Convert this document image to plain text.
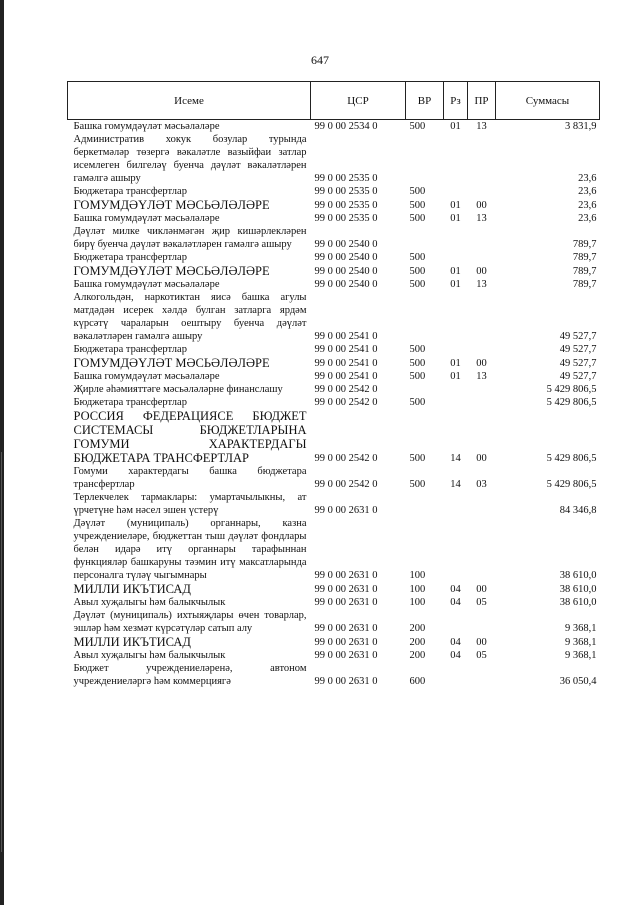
647
Исеме	ЦСР	ВР	Рз	ПР	Суммасы
Башка гомумдәүләт мәсьәләләре	99 0 00 2534 0	500	01	13	3 831,9
Административ хокук бозулар турында беркетмәләр төзергә вәкаләтле вазыйфаи затлар исемлеген билгеләү буенча дәүләт вәкаләтләрен гамәлгә ашыру	99 0 00 2535 0				23,6
Бюджетара трансфертлар	99 0 00 2535 0	500			23,6
ГОМУМДӘҮЛӘТ МӘСЬӘЛӘЛӘРЕ	99 0 00 2535 0	500	01	00	23,6
Башка гомумдәүләт мәсьәләләре	99 0 00 2535 0	500	01	13	23,6
Дәүләт милке чикләнмәгән җир кишәрлекләрен бирү буенча дәүләт вәкаләтләрен гамәлгә ашыру	99 0 00 2540 0				789,7
Бюджетара трансфертлар	99 0 00 2540 0	500			789,7
ГОМУМДӘҮЛӘТ МӘСЬӘЛӘЛӘРЕ	99 0 00 2540 0	500	01	00	789,7
Башка гомумдәүләт мәсьәләләре	99 0 00 2540 0	500	01	13	789,7
Алкогольдән, наркотиктан яисә башка агулы матдәдән исерек хәлдә булган затларга ярдәм күрсәтү чараларын оештыру буенча дәүләт вәкаләтләрен гамәлгә ашыру	99 0 00 2541 0				49 527,7
Бюджетара трансфертлар	99 0 00 2541 0	500			49 527,7
ГОМУМДӘҮЛӘТ МӘСЬӘЛӘЛӘРЕ	99 0 00 2541 0	500	01	00	49 527,7
Башка гомумдәүләт мәсьәләләре	99 0 00 2541 0	500	01	13	49 527,7
Җирле әһәмияттәге мәсьәләләрне финанслашу	99 0 00 2542 0				5 429 806,5
Бюджетара трансфертлар	99 0 00 2542 0	500			5 429 806,5
РОССИЯ ФЕДЕРАЦИЯСЕ БЮДЖЕТ СИСТЕМАСЫ БЮДЖЕТЛАРЫНА ГОМУМИ ХАРАКТЕРДАГЫ БЮДЖЕТАРА ТРАНСФЕРТЛАР	99 0 00 2542 0	500	14	00	5 429 806,5
Гомуми характердагы башка бюджетара трансфертлар	99 0 00 2542 0	500	14	03	5 429 806,5
Терлекчелек тармаклары: умартачылыкны, ат үрчетүне һәм нәсел эшен үстерү	99 0 00 2631 0				84 346,8
Дәүләт (муниципаль) органнары, казна учреждениеләре, бюджеттан тыш дәүләт фондлары белән идарә итү органнары тарафыннан функцияләр башкаруны тәэмин итү максатларында персоналга түләү чыгымнары	99 0 00 2631 0	100			38 610,0
МИЛЛИ ИКЪТИСАД	99 0 00 2631 0	100	04	00	38 610,0
Авыл хуҗалыгы һәм балыкчылык	99 0 00 2631 0	100	04	05	38 610,0
Дәүләт (муниципаль) ихтыяҗлары өчен товарлар, эшләр һәм хезмәт күрсәтүләр сатып алу	99 0 00 2631 0	200			9 368,1
МИЛЛИ ИКЪТИСАД	99 0 00 2631 0	200	04	00	9 368,1
Авыл хуҗалыгы һәм балыкчылык	99 0 00 2631 0	200	04	05	9 368,1
Бюджет учреждениеләренә, автоном учреждениеләргә һәм коммерциягә	99 0 00 2631 0	600			36 050,4
